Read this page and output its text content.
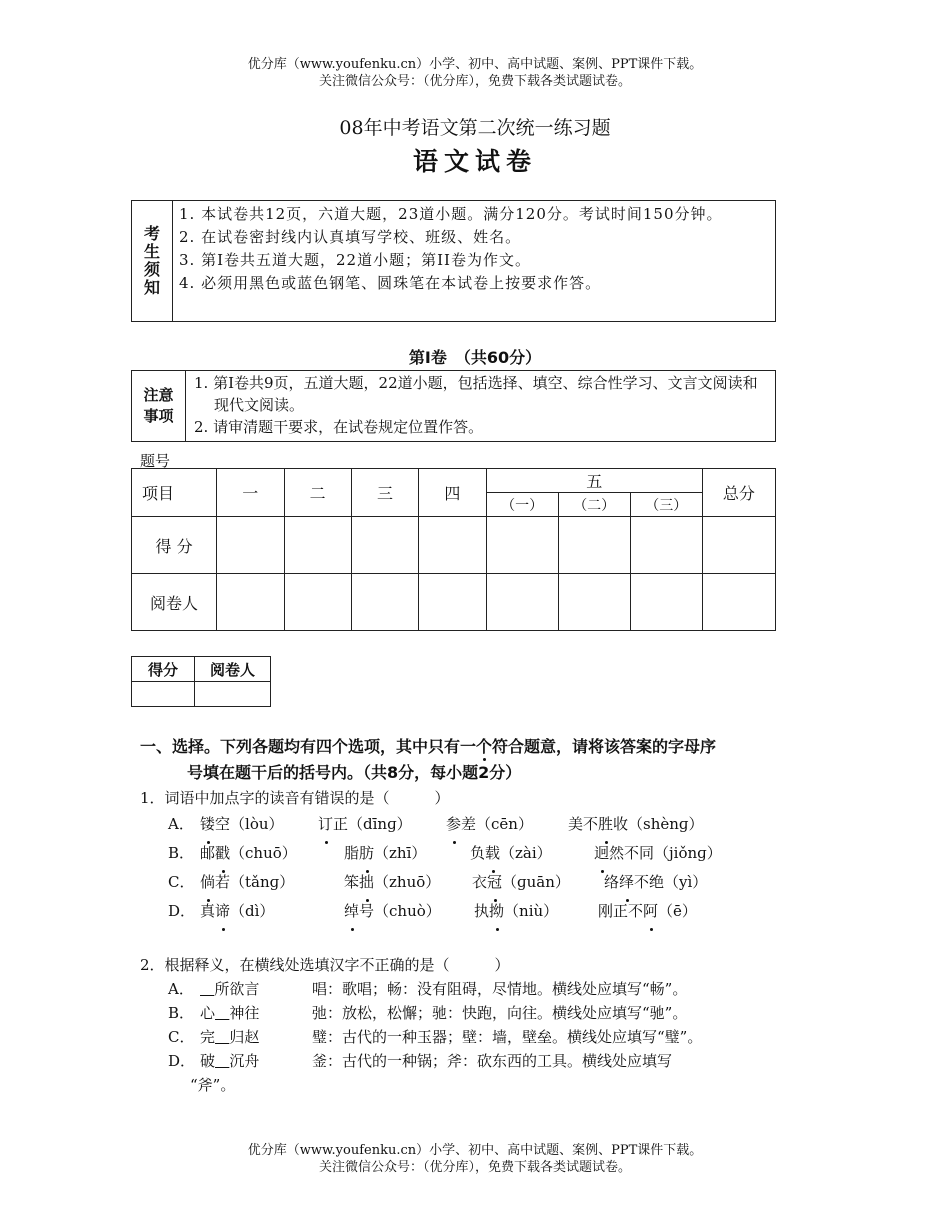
优分库（www.youfenku.cn）小学、初中、高中试题、案例、PPT课件下载。
关注微信公众号：（优分库），免费下载各类试题试卷。
08年中考语文第二次统一练习题
语文试卷
考
生
须
知

1. 本试卷共12页，六道大题，23道小题。满分120分。考试时间150分钟。
2. 在试卷密封线内认真填写学校、班级、姓名。
3. 第I卷共五道大题，22道小题；第II卷为作文。
4. 必须用黑色或蓝色钢笔、圆珠笔在本试卷上按要求作答。
第I卷　（共60分）
注意
事项

1. 第I卷共9页，五道大题，22道小题，包括选择、填空、综合性学习、文言文阅读和现代文阅读。
2. 请审清题干要求，在试卷规定位置作答。
题号
项目	一	二	三	四	五			总分
					（一）	（二）	（三）	
得 分								
阅卷人								
得分	阅卷人

一、选择。下列各题均有四个选项，其中只有一个符合题意，请将该答案的字母序
号填在题干后的括号内。（共8分，每小题2分）
1．词语中加点字的读音有错误的是（　　　）
A． 镂空（lòu） 订正（dīnɡ） 参差（cēn） 美不胜收（shènɡ）
B． 邮戳（chuō）	脂肪（zhī）	负载（zài）	迥然不同（jiǒnɡ）
C． 倘若（tǎnɡ）	笨拙（zhuō） 衣冠（ɡuān） 络绎不绝（yì）
D． 真谛（dì）	绰号（chuò） 执拗（niù）	刚正不阿（ē）
2．根据释义，在横线处选填汉字不正确的是（　　　）
A． 所欲言	唱：歌唱；畅：没有阻碍，尽情地。横线处应填写“畅”。
B． 心 神往	弛：放松，松懈；驰：快跑，向往。横线处应填写“驰”。
C． 完 归赵	璧：古代的一种玉器；壁：墙，壁垒。横线处应填写“璧”。
D． 破 沉舟	釜：古代的一种锅；斧：砍东西的工具。横线处应填写
“斧”。
优分库（www.youfenku.cn）小学、初中、高中试题、案例、PPT课件下载。
关注微信公众号：（优分库），免费下载各类试题试卷。
